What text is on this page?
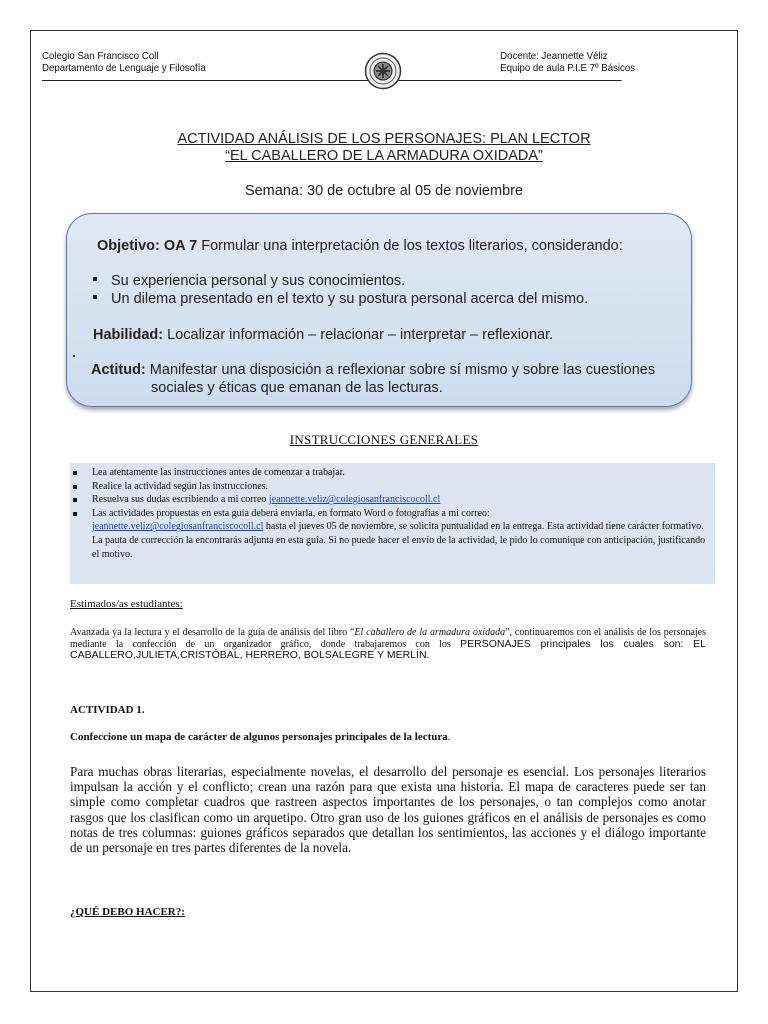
Colegio San Francisco Coll
Departamento de Lenguaje y Filosofía
Docente: Jeannette Véliz
Equipo de aula P.I.E 7º Básicos
ACTIVIDAD ANÁLISIS DE LOS PERSONAJES: PLAN LECTOR
“EL CABALLERO DE LA ARMADURA OXIDADA”
Semana: 30 de octubre al 05 de noviembre
Objetivo: OA 7 Formular una interpretación de los textos literarios, considerando:
Su experiencia personal y sus conocimientos.
Un dilema presentado en el texto y su postura personal acerca del mismo.
Habilidad: Localizar información – relacionar – interpretar – reflexionar.
Actitud: Manifestar una disposición a reflexionar sobre sí mismo y sobre las cuestiones
sociales y éticas que emanan de las lecturas.
INSTRUCCIONES GENERALES
Lea atentamente las instrucciones antes de comenzar a trabajar.
Realice la actividad según las instrucciones.
Resuelva sus dudas escribiendo a mi correo jeannette.veliz@colegiosanfranciscocoll.cl
Las actividades propuestas en esta guía deberá enviarla, en formato Word o fotografías a mi correo:
jeannette.veliz@colegiosanfranciscocoll.cl hasta el jueves 05 de noviembre, se solicita puntualidad en la entrega. Esta actividad tiene carácter formativo. La pauta de corrección la encontrarás adjunta en esta guía. Si no puede hacer el envío de la actividad, le pido lo comunique con anticipación, justificando el motivo.
Estimados/as estudiantes:
Avanzada ya la lectura y el desarrollo de la guía de análisis del libro “El caballero de la armadura oxidada”, continuaremos con el análisis de los personajes mediante la confección de un organizador gráfico, donde trabajaremos con los PERSONAJES principales los cuales son: EL CABALLERO,JULIETA,CRISTÓBAL, HERRERO, BOLSALEGRE Y MERLÍN.
ACTIVIDAD 1.
Confeccione un mapa de carácter de algunos personajes principales de la lectura.
Para muchas obras literarias, especialmente novelas, el desarrollo del personaje es esencial. Los personajes literarios impulsan la acción y el conflicto; crean una razón para que exista una historia. El mapa de caracteres puede ser tan simple como completar cuadros que rastreen aspectos importantes de los personajes, o tan complejos como anotar rasgos que los clasifican como un arquetipo. Otro gran uso de los guiones gráficos en el análisis de personajes es como notas de tres columnas: guiones gráficos separados que detallan los sentimientos, las acciones y el diálogo importante de un personaje en tres partes diferentes de la novela.
¿QUÉ DEBO HACER?:
